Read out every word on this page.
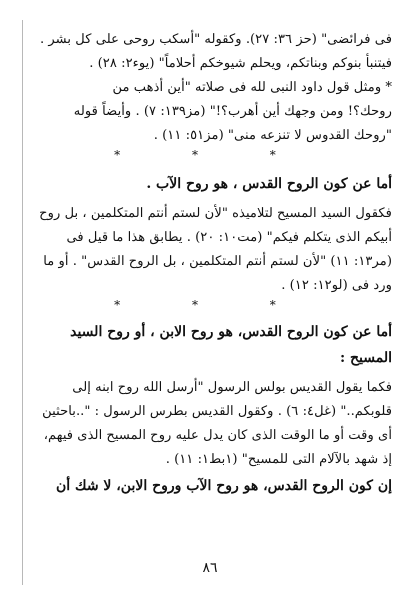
فى فرائضى" (حز ٣٦: ٢٧). وكقوله "أسكب روحى على كل بشر .
فيتنبأ بنوكم وبناتكم، ويحلم شيوخكم أحلاماً" (يوء٢: ٢٨) .
* ومثل قول داود النبى لله فى صلاته "أين أذهب من
روحك؟! ومن وجهك أين أهرب؟!" (مز١٣٩: ٧) . وأيضاً قوله
"روحك القدوس لا تنزعه منى" (مز٥١: ١١) .
* * *
أما عن كون الروح القدس ، هو روح الآب .
فكقول السيد المسيح لتلاميذه "لأن لستم أنتم المتكلمين ، بل روح
أبيكم الذى يتكلم فيكم" (مت١٠: ٢٠) . يطابق هذا ما قيل فى
(مر١٣: ١١) "لأن لستم أنتم المتكلمين ، بل الروح القدس" . أو ما
ورد فى (لو١٢: ١٢) .
* * *
أما عن كون الروح القدس، هو روح الابن ، أو روح السيد
المسيح :
فكما يقول القديس بولس الرسول "أرسل الله روح ابنه إلى
قلوبكم.." (غل٤: ٦) . وكقول القديس بطرس الرسول : "..باحثين
أى وقت أو ما الوقت الذى كان يدل عليه روح المسيح الذى فيهم،
إذ شهد بالآلام التى للمسيح" (١بط١: ١١) .
إن كون الروح القدس، هو روح الآب وروح الابن، لا شك أن
٨٦
